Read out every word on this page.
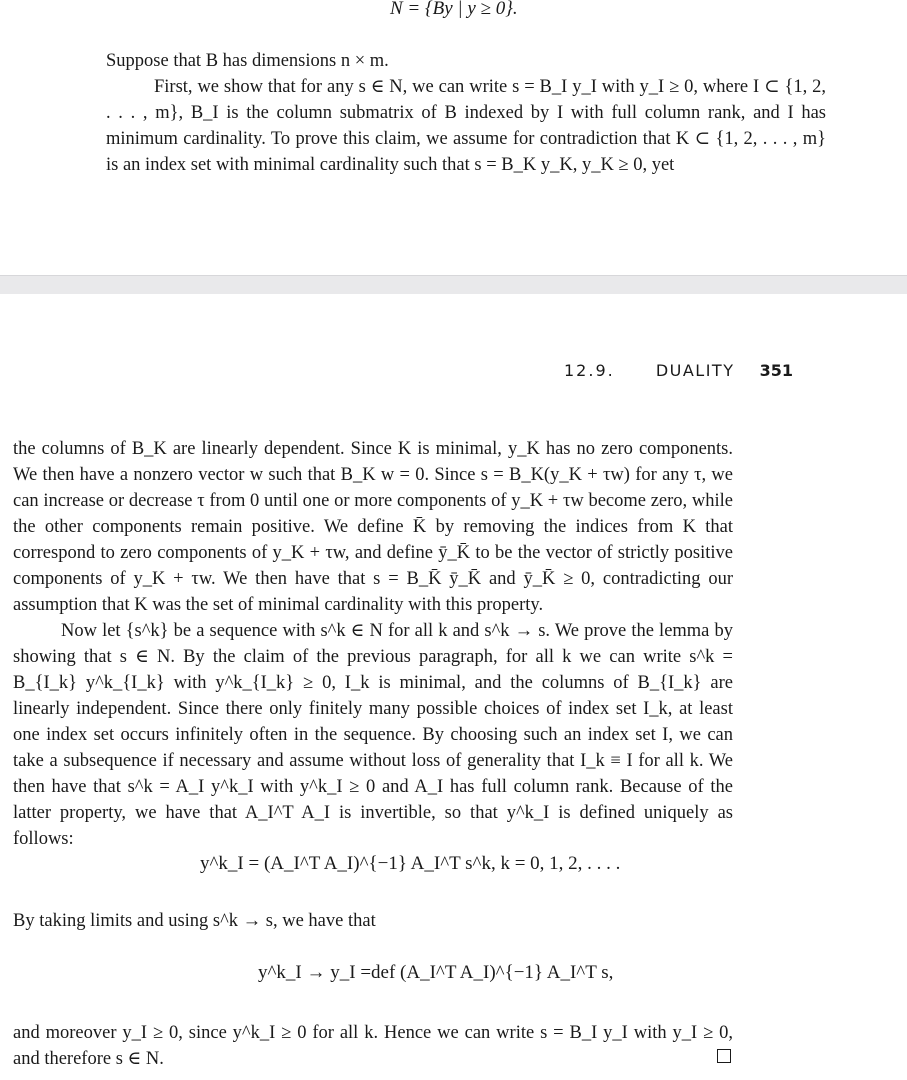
N = {By | y ≥ 0}.

Suppose that B has dimensions n × m.

First, we show that for any s ∈ N, we can write s = B_I y_I with y_I ≥ 0, where I ⊂ {1, 2, . . . , m}, B_I is the column submatrix of B indexed by I with full column rank, and I has minimum cardinality. To prove this claim, we assume for contradiction that K ⊂ {1, 2, . . . , m} is an index set with minimal cardinality such that s = B_K y_K, y_K ≥ 0, yet

12.9.	DUALITY 351

the columns of B_K are linearly dependent. Since K is minimal, y_K has no zero components. We then have a nonzero vector w such that B_K w = 0. Since s = B_K(y_K + τw) for any τ, we can increase or decrease τ from 0 until one or more components of y_K + τw become zero, while the other components remain positive. We define K̄ by removing the indices from K that correspond to zero components of y_K + τw, and define ȳ_K̄ to be the vector of strictly positive components of y_K + τw. We then have that s = B_K̄ ȳ_K̄ and ȳ_K̄ ≥ 0, contradicting our assumption that K was the set of minimal cardinality with this property.

Now let {s^k} be a sequence with s^k ∈ N for all k and s^k → s. We prove the lemma by showing that s ∈ N. By the claim of the previous paragraph, for all k we can write s^k = B_{I_k} y^k_{I_k} with y^k_{I_k} ≥ 0, I_k is minimal, and the columns of B_{I_k} are linearly independent. Since there only finitely many possible choices of index set I_k, at least one index set occurs infinitely often in the sequence. By choosing such an index set I, we can take a subsequence if necessary and assume without loss of generality that I_k ≡ I for all k. We then have that s^k = A_I y^k_I with y^k_I ≥ 0 and A_I has full column rank. Because of the latter property, we have that A_I^T A_I is invertible, so that y^k_I is defined uniquely as follows:

y^k_I = (A_I^T A_I)^{−1} A_I^T s^k, k = 0, 1, 2, . . . .

By taking limits and using s^k → s, we have that

y^k_I → y_I =def (A_I^T A_I)^{−1} A_I^T s,

and moreover y_I ≥ 0, since y^k_I ≥ 0 for all k. Hence we can write s = B_I y_I with y_I ≥ 0, and therefore s ∈ N.
